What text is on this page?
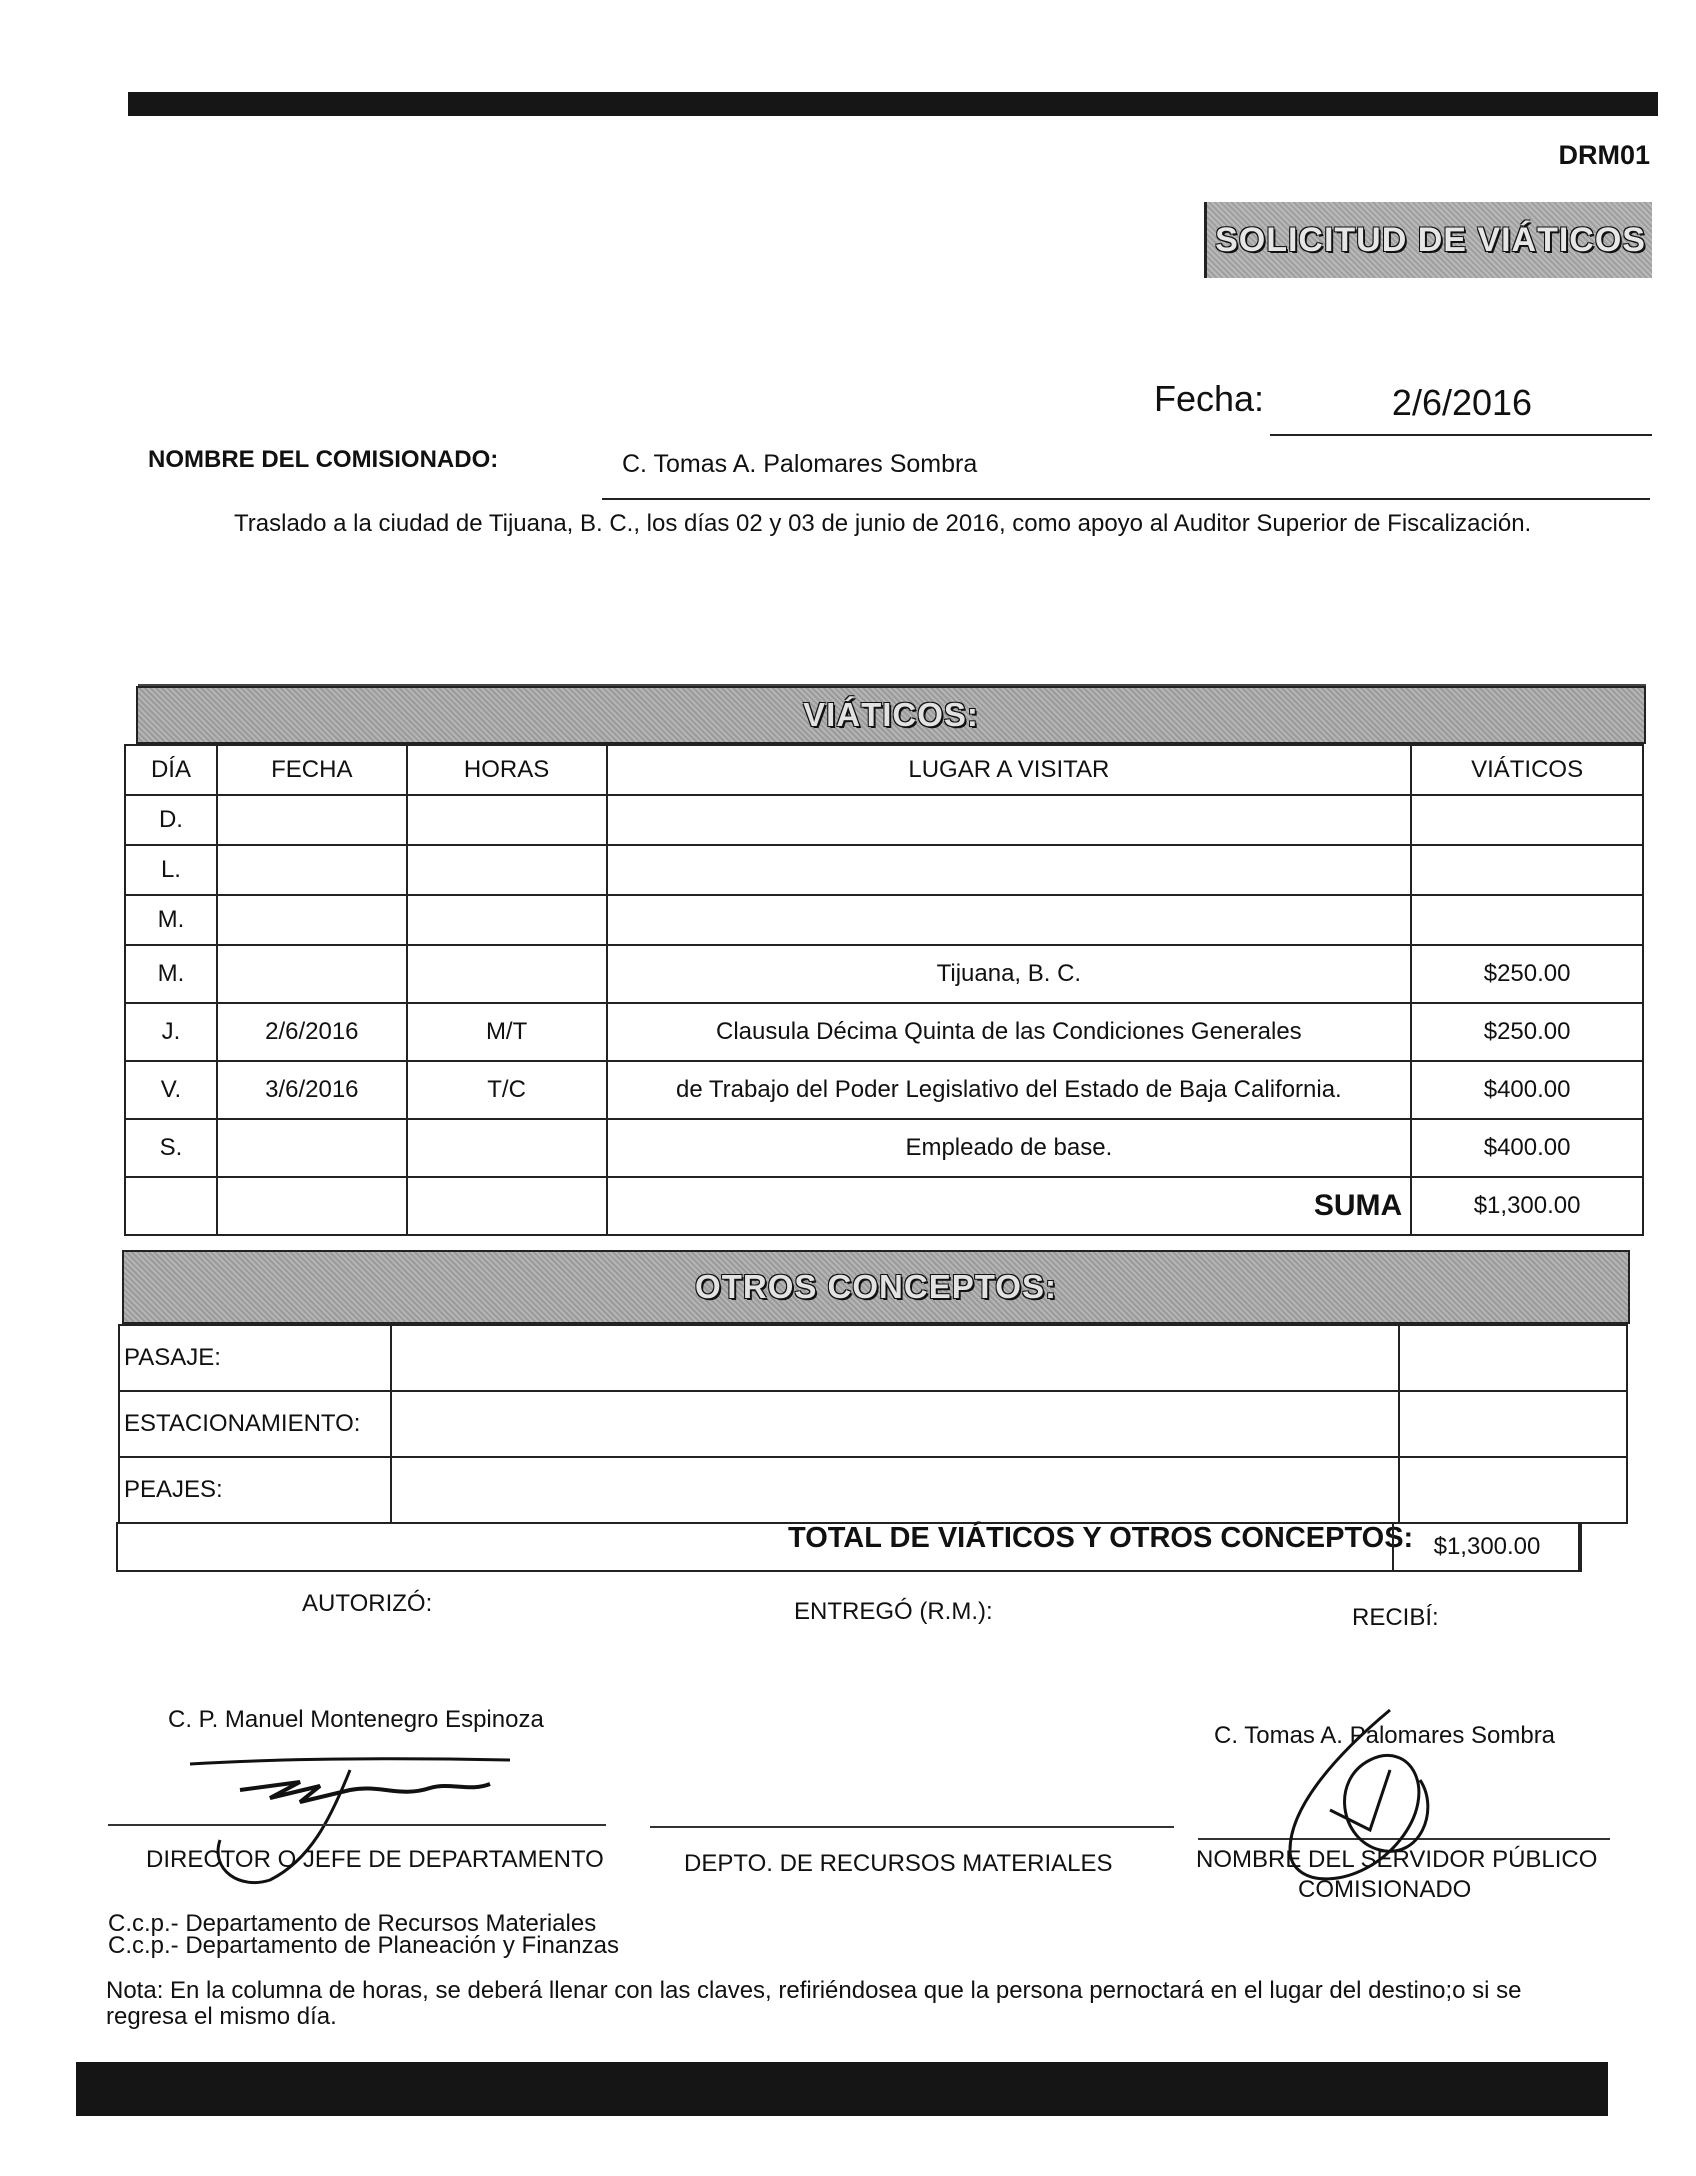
DRM01
SOLICITUD DE VIÁTICOS
Fecha:	2/6/2016
NOMBRE DEL COMISIONADO:	C. Tomas A. Palomares Sombra
Traslado a la ciudad de Tijuana, B. C., los días 02 y 03 de junio de 2016, como apoyo al Auditor Superior de Fiscalización.
VIÁTICOS:
DÍA	FECHA	HORAS	LUGAR A VISITAR	VIÁTICOS
D.				
L.				
M.				
M.			Tijuana, B. C.	$250.00
J.	2/6/2016	M/T	Clausula Décima Quinta de las Condiciones Generales	$250.00
V.	3/6/2016	T/C	de Trabajo del Poder Legislativo del Estado de Baja California.	$400.00
S.			Empleado de base.	$400.00
			SUMA	$1,300.00
OTROS CONCEPTOS:
PASAJE:		
ESTACIONAMIENTO:		
PEAJES:		
TOTAL DE VIÁTICOS Y OTROS CONCEPTOS: $1,300.00
AUTORIZÓ:	ENTREGÓ (R.M.):	RECIBÍ:
C. P. Manuel Montenegro Espinoza
C. Tomas A. Palomares Sombra
DIRECTOR O JEFE DE DEPARTAMENTO	DEPTO. DE RECURSOS MATERIALES	NOMBRE DEL SERVIDOR PÚBLICO
COMISIONADO
C.c.p.- Departamento de Recursos Materiales
C.c.p.- Departamento de Planeación y Finanzas
Nota: En la columna de horas, se deberá llenar con las claves, refiriéndosea que la persona pernoctará en el lugar del destino;o si se
regresa el mismo día.
